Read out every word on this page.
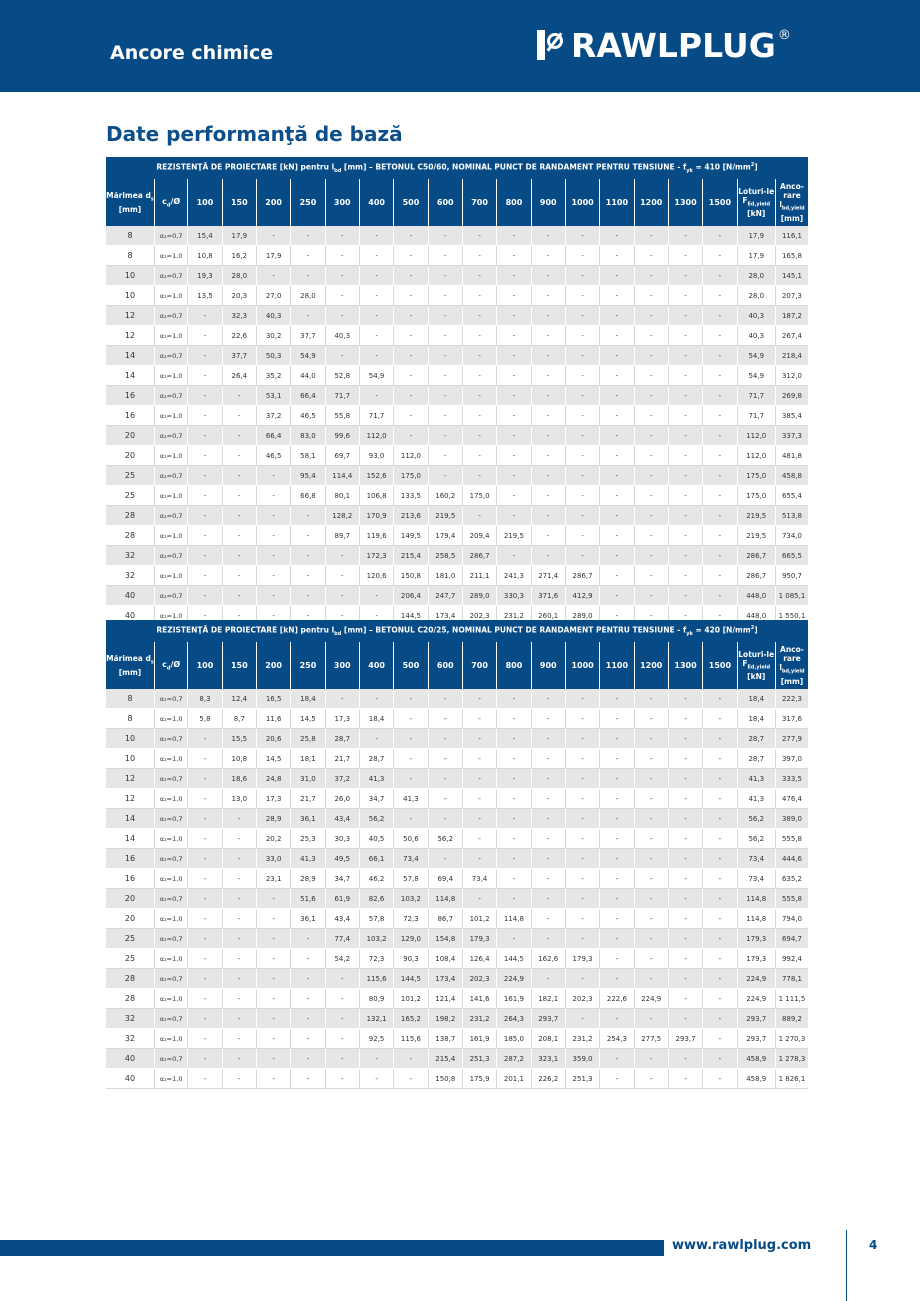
Ancore chimice	RAWLPLUG ®
Date performanţă de bază
REZISTENŢĂ DE PROIECTARE [kN] pentru $l_{bd}$ [mm] – BETONUL C50/60, NOMINAL PUNCT DE RANDAMENT PENTRU TENSIUNE - $f_{yk} = 410$ $[N/mm^2]$																			
Mărimea $d_s$
[mm]	$c_d/Ø$	100	150	200	250	300	400	500	600	700	800	900	1000	1100	1200	1300	1500	Loturi-le
$F_{Ed,yield}$
[kN]	Anco-rare
$l_{bd,yield}$
[mm]
8	α₂=0,7	15,4	17,9	-	-	-	-	-	-	-	-	-	-	-	-	-	-	17,9	116,1
8	α₂=1,0	10,8	16,2	17,9	-	-	-	-	-	-	-	-	-	-	-	-	-	17,9	165,8
10	α₂=0,7	19,3	28,0	-	-	-	-	-	-	-	-	-	-	-	-	-	-	28,0	145,1
10	α₂=1,0	13,5	20,3	27,0	28,0	-	-	-	-	-	-	-	-	-	-	-	-	28,0	207,3
12	α₂=0,7	-	32,3	40,3	-	-	-	-	-	-	-	-	-	-	-	-	-	40,3	187,2
12	α₂=1,0	-	22,6	30,2	37,7	40,3	-	-	-	-	-	-	-	-	-	-	-	40,3	267,4
14	α₂=0,7	-	37,7	50,3	54,9	-	-	-	-	-	-	-	-	-	-	-	-	54,9	218,4
14	α₂=1,0	-	26,4	35,2	44,0	52,8	54,9	-	-	-	-	-	-	-	-	-	-	54,9	312,0
16	α₂=0,7	-	-	53,1	66,4	71,7	-	-	-	-	-	-	-	-	-	-	-	71,7	269,8
16	α₂=1,0	-	-	37,2	46,5	55,8	71,7	-	-	-	-	-	-	-	-	-	-	71,7	385,4
20	α₂=0,7	-	-	66,4	83,0	99,6	112,0	-	-	-	-	-	-	-	-	-	-	112,0	337,3
20	α₂=1,0	-	-	46,5	58,1	69,7	93,0	112,0	-	-	-	-	-	-	-	-	-	112,0	481,8
25	α₂=0,7	-	-	-	95,4	114,4	152,6	175,0	-	-	-	-	-	-	-	-	-	175,0	458,8
25	α₂=1,0	-	-	-	66,8	80,1	106,8	133,5	160,2	175,0	-	-	-	-	-	-	-	175,0	655,4
28	α₂=0,7	-	-	-	-	128,2	170,9	213,6	219,5	-	-	-	-	-	-	-	-	219,5	513,8
28	α₂=1,0	-	-	-	-	89,7	119,6	149,5	179,4	209,4	219,5	-	-	-	-	-	-	219,5	734,0
32	α₂=0,7	-	-	-	-	-	172,3	215,4	258,5	286,7	-	-	-	-	-	-	-	286,7	665,5
32	α₂=1,0	-	-	-	-	-	120,6	150,8	181,0	211,1	241,3	271,4	286,7	-	-	-	-	286,7	950,7
40	α₂=0,7	-	-	-	-	-	-	206,4	247,7	289,0	330,3	371,6	412,9	-	-	-	-	448,0	1 085,1
40	α₂=1,0	-	-	-	-	-	-	144,5	173,4	202,3	231,2	260,1	289,0	-	-	-	-	448,0	1 550,1
REZISTENŢĂ DE PROIECTARE [kN] pentru $l_{bd}$ [mm] – BETONUL C20/25, NOMINAL PUNCT DE RANDAMENT PENTRU TENSIUNE - $f_{yk} = 420$ $[N/mm^2]$																			
Mărimea $d_s$
[mm]	$c_d/Ø$	100	150	200	250	300	400	500	600	700	800	900	1000	1100	1200	1300	1500	Loturi-le
$F_{Ed,yield}$
[kN]	Anco-rare
$l_{bd,yield}$
[mm]
8	α₂=0,7	8,3	12,4	16,5	18,4	-	-	-	-	-	-	-	-	-	-	-	-	18,4	222,3
8	α₂=1,0	5,8	8,7	11,6	14,5	17,3	18,4	-	-	-	-	-	-	-	-	-	-	18,4	317,6
10	α₂=0,7	-	15,5	20,6	25,8	28,7	-	-	-	-	-	-	-	-	-	-	-	28,7	277,9
10	α₂=1,0	-	10,8	14,5	18,1	21,7	28,7	-	-	-	-	-	-	-	-	-	-	28,7	397,0
12	α₂=0,7	-	18,6	24,8	31,0	37,2	41,3	-	-	-	-	-	-	-	-	-	-	41,3	333,5
12	α₂=1,0	-	13,0	17,3	21,7	26,0	34,7	41,3	-	-	-	-	-	-	-	-	-	41,3	476,4
14	α₂=0,7	-	-	28,9	36,1	43,4	56,2	-	-	-	-	-	-	-	-	-	-	56,2	389,0
14	α₂=1,0	-	-	20,2	25,3	30,3	40,5	50,6	56,2	-	-	-	-	-	-	-	-	56,2	555,8
16	α₂=0,7	-	-	33,0	41,3	49,5	66,1	73,4	-	-	-	-	-	-	-	-	-	73,4	444,6
16	α₂=1,0	-	-	23,1	28,9	34,7	46,2	57,8	69,4	73,4	-	-	-	-	-	-	-	73,4	635,2
20	α₂=0,7	-	-	-	51,6	61,9	82,6	103,2	114,8	-	-	-	-	-	-	-	-	114,8	555,8
20	α₂=1,0	-	-	-	36,1	43,4	57,8	72,3	86,7	101,2	114,8	-	-	-	-	-	-	114,8	794,0
25	α₂=0,7	-	-	-	-	77,4	103,2	129,0	154,8	179,3	-	-	-	-	-	-	-	179,3	694,7
25	α₂=1,0	-	-	-	-	54,2	72,3	90,3	108,4	126,4	144,5	162,6	179,3	-	-	-	-	179,3	992,4
28	α₂=0,7	-	-	-	-	-	115,6	144,5	173,4	202,3	224,9	-	-	-	-	-	-	224,9	778,1
28	α₂=1,0	-	-	-	-	-	80,9	101,2	121,4	141,6	161,9	182,1	202,3	222,6	224,9	-	-	224,9	1 111,5
32	α₂=0,7	-	-	-	-	-	132,1	165,2	198,2	231,2	264,3	293,7	-	-	-	-	-	293,7	889,2
32	α₂=1,0	-	-	-	-	-	92,5	115,6	138,7	161,9	185,0	208,1	231,2	254,3	277,5	293,7	-	293,7	1 270,3
40	α₂=0,7	-	-	-	-	-	-	-	215,4	251,3	287,2	323,1	359,0	-	-	-	-	458,9	1 278,3
40	α₂=1,0	-	-	-	-	-	-	-	150,8	175,9	201,1	226,2	251,3	-	-	-	-	458,9	1 826,1
www.rawlplug.com	4
